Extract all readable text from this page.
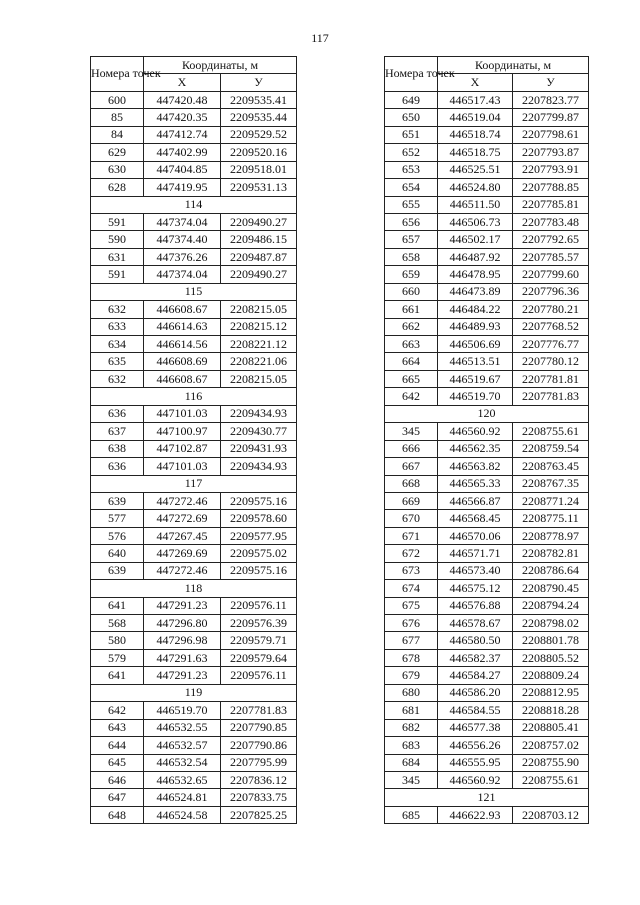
117
Номера точек	Координаты, м	
	X	У
600	447420.48	2209535.41
85	447420.35	2209535.44
84	447412.74	2209529.52
629	447402.99	2209520.16
630	447404.85	2209518.01
628	447419.95	2209531.13
114		
591	447374.04	2209490.27
590	447374.40	2209486.15
631	447376.26	2209487.87
591	447374.04	2209490.27
115		
632	446608.67	2208215.05
633	446614.63	2208215.12
634	446614.56	2208221.12
635	446608.69	2208221.06
632	446608.67	2208215.05
116		
636	447101.03	2209434.93
637	447100.97	2209430.77
638	447102.87	2209431.93
636	447101.03	2209434.93
117		
639	447272.46	2209575.16
577	447272.69	2209578.60
576	447267.45	2209577.95
640	447269.69	2209575.02
639	447272.46	2209575.16
118		
641	447291.23	2209576.11
568	447296.80	2209576.39
580	447296.98	2209579.71
579	447291.63	2209579.64
641	447291.23	2209576.11
119		
642	446519.70	2207781.83
643	446532.55	2207790.85
644	446532.57	2207790.86
645	446532.54	2207795.99
646	446532.65	2207836.12
647	446524.81	2207833.75
648	446524.58	2207825.25
Номера точек	Координаты, м	
	X	У
649	446517.43	2207823.77
650	446519.04	2207799.87
651	446518.74	2207798.61
652	446518.75	2207793.87
653	446525.51	2207793.91
654	446524.80	2207788.85
655	446511.50	2207785.81
656	446506.73	2207783.48
657	446502.17	2207792.65
658	446487.92	2207785.57
659	446478.95	2207799.60
660	446473.89	2207796.36
661	446484.22	2207780.21
662	446489.93	2207768.52
663	446506.69	2207776.77
664	446513.51	2207780.12
665	446519.67	2207781.81
642	446519.70	2207781.83
120		
345	446560.92	2208755.61
666	446562.35	2208759.54
667	446563.82	2208763.45
668	446565.33	2208767.35
669	446566.87	2208771.24
670	446568.45	2208775.11
671	446570.06	2208778.97
672	446571.71	2208782.81
673	446573.40	2208786.64
674	446575.12	2208790.45
675	446576.88	2208794.24
676	446578.67	2208798.02
677	446580.50	2208801.78
678	446582.37	2208805.52
679	446584.27	2208809.24
680	446586.20	2208812.95
681	446584.55	2208818.28
682	446577.38	2208805.41
683	446556.26	2208757.02
684	446555.95	2208755.90
345	446560.92	2208755.61
121		
685	446622.93	2208703.12
